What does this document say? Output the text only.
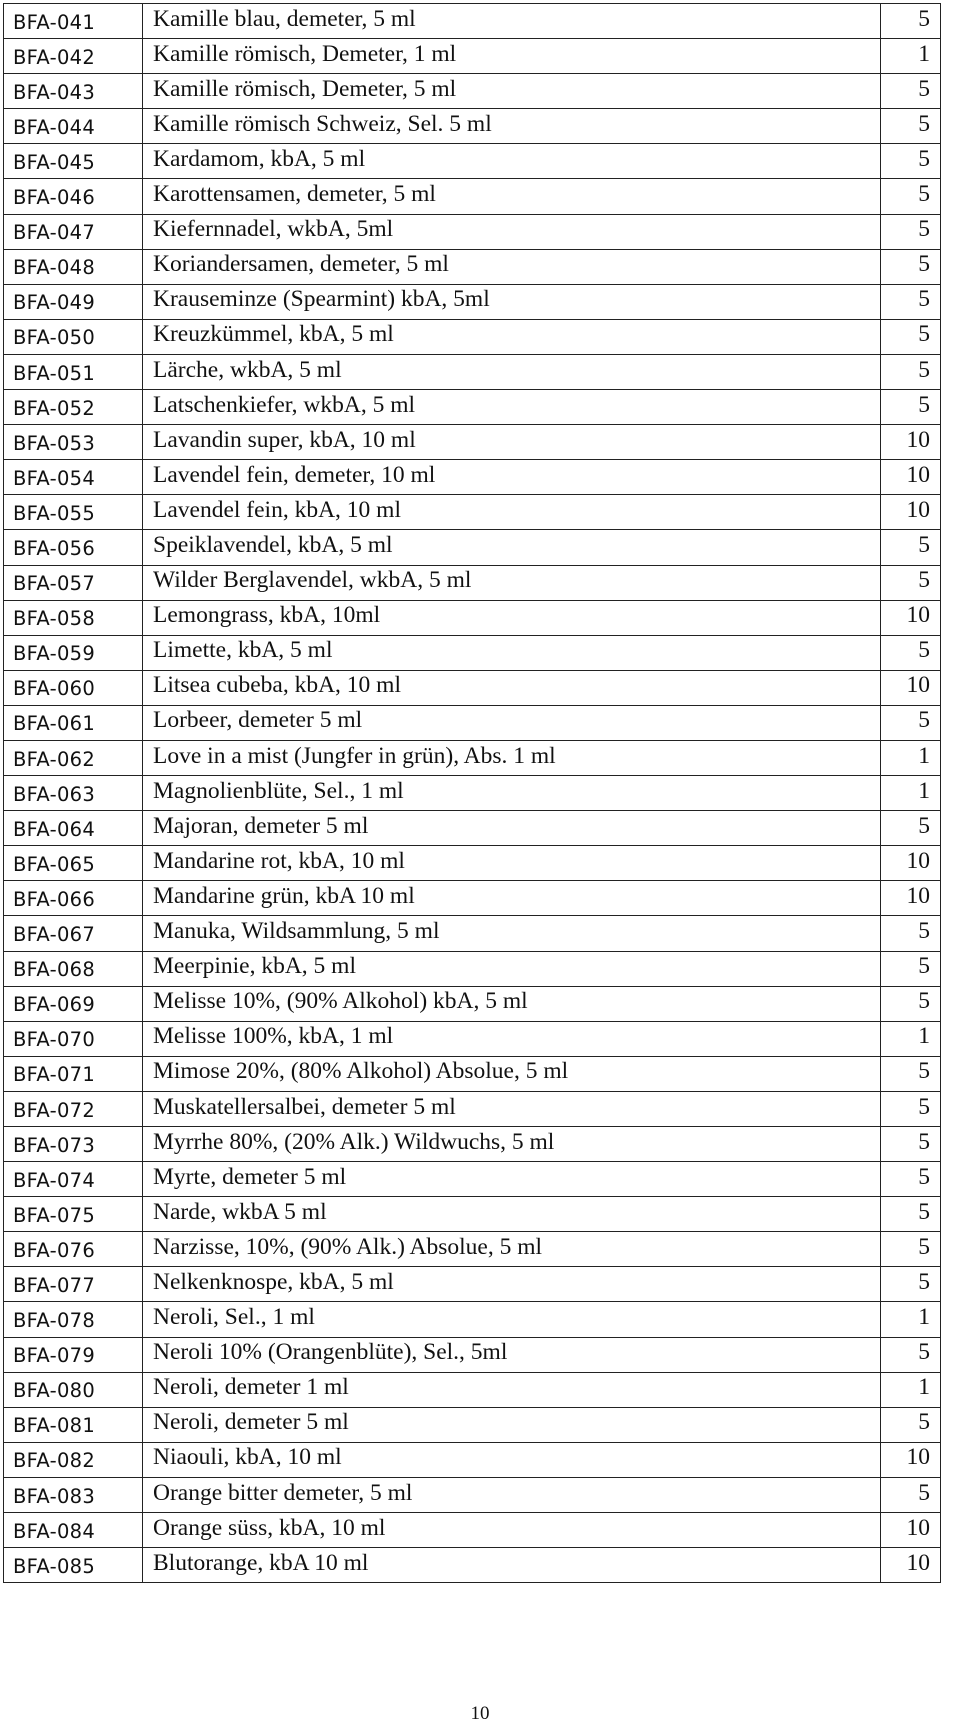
BFA-041	Kamille blau, demeter, 5 ml	5
BFA-042	Kamille römisch, Demeter, 1 ml	1
BFA-043	Kamille römisch, Demeter, 5 ml	5
BFA-044	Kamille römisch Schweiz, Sel. 5 ml	5
BFA-045	Kardamom, kbA, 5 ml	5
BFA-046	Karottensamen, demeter, 5 ml	5
BFA-047	Kiefernnadel, wkbA, 5ml	5
BFA-048	Koriandersamen, demeter, 5 ml	5
BFA-049	Krauseminze (Spearmint) kbA, 5ml	5
BFA-050	Kreuzkümmel, kbA, 5 ml	5
BFA-051	Lärche, wkbA, 5 ml	5
BFA-052	Latschenkiefer, wkbA, 5 ml	5
BFA-053	Lavandin super, kbA, 10 ml	10
BFA-054	Lavendel fein, demeter, 10 ml	10
BFA-055	Lavendel fein, kbA, 10 ml	10
BFA-056	Speiklavendel, kbA, 5 ml	5
BFA-057	Wilder Berglavendel, wkbA, 5 ml	5
BFA-058	Lemongrass, kbA, 10ml	10
BFA-059	Limette, kbA, 5 ml	5
BFA-060	Litsea cubeba, kbA, 10 ml	10
BFA-061	Lorbeer, demeter 5 ml	5
BFA-062	Love in a mist (Jungfer in grün), Abs. 1 ml	1
BFA-063	Magnolienblüte, Sel., 1 ml	1
BFA-064	Majoran, demeter 5 ml	5
BFA-065	Mandarine rot, kbA, 10 ml	10
BFA-066	Mandarine grün, kbA 10 ml	10
BFA-067	Manuka, Wildsammlung, 5 ml	5
BFA-068	Meerpinie, kbA, 5 ml	5
BFA-069	Melisse 10%, (90% Alkohol) kbA, 5 ml	5
BFA-070	Melisse 100%, kbA, 1 ml	1
BFA-071	Mimose 20%, (80% Alkohol) Absolue, 5 ml	5
BFA-072	Muskatellersalbei, demeter 5 ml	5
BFA-073	Myrrhe 80%, (20% Alk.) Wildwuchs, 5 ml	5
BFA-074	Myrte, demeter 5 ml	5
BFA-075	Narde, wkbA 5 ml	5
BFA-076	Narzisse, 10%, (90% Alk.) Absolue, 5 ml	5
BFA-077	Nelkenknospe, kbA, 5 ml	5
BFA-078	Neroli, Sel., 1 ml	1
BFA-079	Neroli 10% (Orangenblüte), Sel., 5ml	5
BFA-080	Neroli, demeter 1 ml	1
BFA-081	Neroli, demeter 5 ml	5
BFA-082	Niaouli, kbA, 10 ml	10
BFA-083	Orange bitter demeter, 5 ml	5
BFA-084	Orange süss, kbA, 10 ml	10
BFA-085	Blutorange, kbA 10 ml	10
10
